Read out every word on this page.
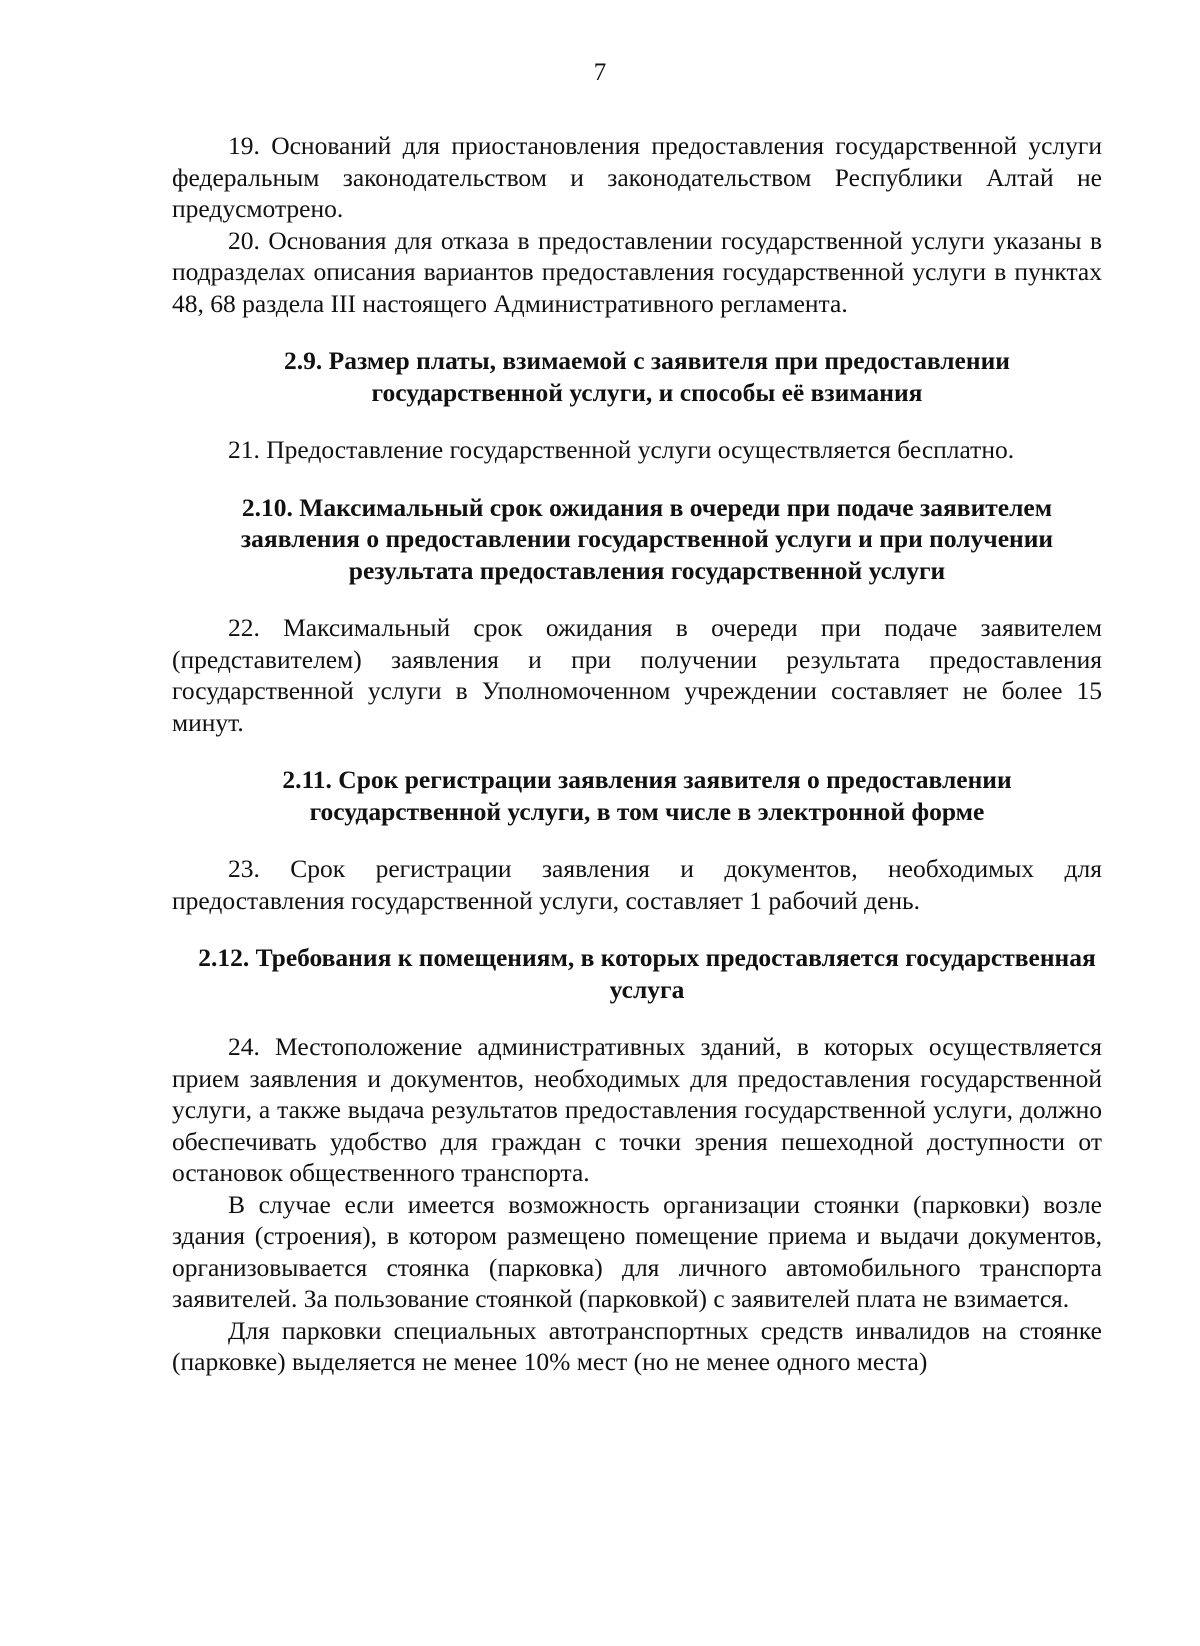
7

19. Оснований для приостановления предоставления государственной услуги федеральным законодательством и законодательством Республики Алтай не предусмотрено.

20. Основания для отказа в предоставлении государственной услуги указаны в подразделах описания вариантов предоставления государственной услуги в пунктах 48, 68 раздела III настоящего Административного регламента.

2.9. Размер платы, взимаемой с заявителя при предоставлении государственной услуги, и способы её взимания

21. Предоставление государственной услуги осуществляется бесплатно.

2.10. Максимальный срок ожидания в очереди при подаче заявителем заявления о предоставлении государственной услуги и при получении результата предоставления государственной услуги

22. Максимальный срок ожидания в очереди при подаче заявителем (представителем) заявления и при получении результата предоставления государственной услуги в Уполномоченном учреждении составляет не более 15 минут.

2.11. Срок регистрации заявления заявителя о предоставлении государственной услуги, в том числе в электронной форме

23. Срок регистрации заявления и документов, необходимых для предоставления государственной услуги, составляет 1 рабочий день.

2.12. Требования к помещениям, в которых предоставляется государственная услуга

24. Местоположение административных зданий, в которых осуществляется прием заявления и документов, необходимых для предоставления государственной услуги, а также выдача результатов предоставления государственной услуги, должно обеспечивать удобство для граждан с точки зрения пешеходной доступности от остановок общественного транспорта.

В случае если имеется возможность организации стоянки (парковки) возле здания (строения), в котором размещено помещение приема и выдачи документов, организовывается стоянка (парковка) для личного автомобильного транспорта заявителей. За пользование стоянкой (парковкой) с заявителей плата не взимается.

Для парковки специальных автотранспортных средств инвалидов на стоянке (парковке) выделяется не менее 10% мест (но не менее одного места)
